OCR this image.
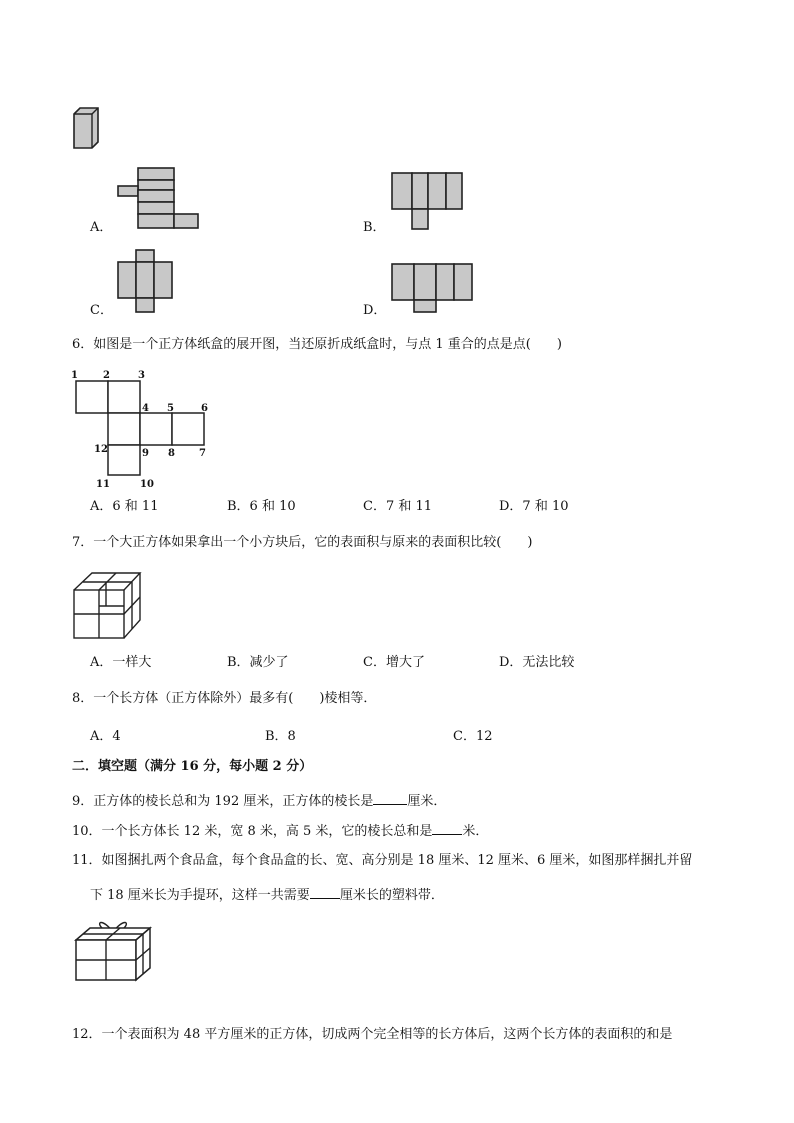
A．	B．
C．	D．
6．如图是一个正方体纸盒的展开图，当还原折成纸盒时，与点 1 重合的点是点(　　)
1	2	3
4 5	6
7
8
9
10
11
12
A．6 和 11	B．6 和 10	C．7 和 11	D．7 和 10
7．一个大正方体如果拿出一个小方块后，它的表面积与原来的表面积比较(　　)
A．一样大	B．减少了	C．增大了	D．无法比较
8．一个长方体（正方体除外）最多有(　　)棱相等．
A．4	B．8	C．12
二．填空题（满分 16 分，每小题 2 分）
9．正方体的棱长总和为 192 厘米，正方体的棱长是	厘米．
10．一个长方体长 12 米，宽 8 米，高 5 米，它的棱长总和是 米．
11．如图捆扎两个食品盒，每个食品盒的长、宽、高分别是 18 厘米、12 厘米、6 厘米，如图那样捆扎并留
下 18 厘米长为手提环，这样一共需要 厘米长的塑料带．
12．一个表面积为 48 平方厘米的正方体，切成两个完全相等的长方体后，这两个长方体的表面积的和是
